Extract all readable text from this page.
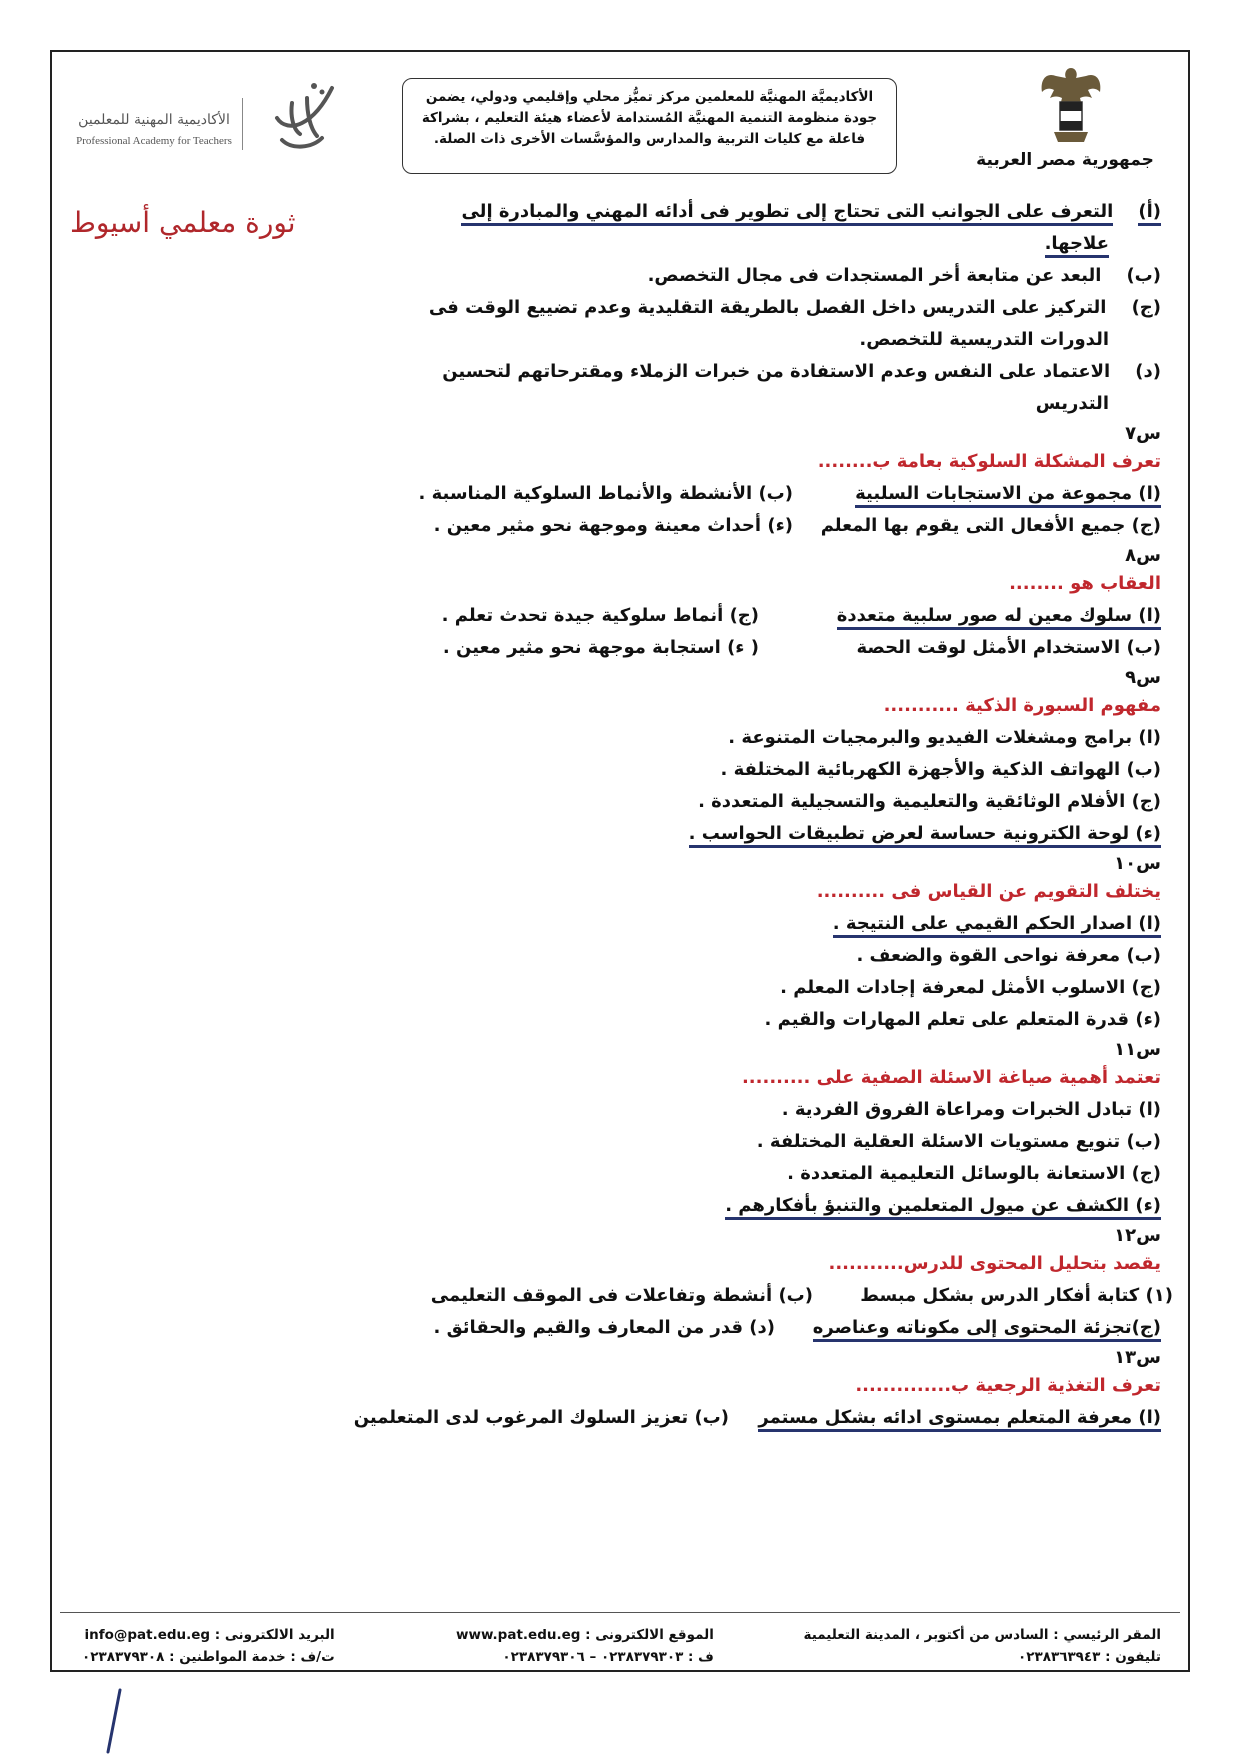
جمهورية مصر العربية
الأكاديميَّة المهنيَّة للمعلمين مركز تميُّز محلي وإقليمي ودولي، يضمن
جودة منظومة التنمية المهنيَّة المُستدامة لأعضاء هيئة التعليم ، بشراكة
فاعلة مع كليات التربية والمدارس والمؤسَّسات الأخرى ذات الصلة.
الأكاديمية المهنية للمعلمين
Professional Academy for Teachers
ثورة معلمي أسيوط	(أ)    التعرف على الجوانب التى تحتاج إلى تطوير فى أدائه المهني والمبادرة إلى
علاجها.
(ب)    البعد عن متابعة أخر المستجدات فى مجال التخصص.
(ج)    التركيز على التدريس داخل الفصل بالطريقة التقليدية وعدم تضييع الوقت فى
الدورات التدريسية للتخصص.
(د)    الاعتماد على النفس وعدم الاستفادة من خبرات الزملاء ومقترحاتهم لتحسين
التدريس
س٧
تعرف المشكلة السلوكية بعامة ب........
(ا) مجموعة من الاستجابات السلبية
(ب) الأنشطة والأنماط السلوكية المناسبة .
(ج) جميع الأفعال التى يقوم بها المعلم
(ء) أحداث معينة وموجهة نحو مثير معين .
س٨
العقاب هو ........
(ا) سلوك معين له صور سلبية متعددة
(ج) أنماط سلوكية جيدة تحدث تعلم .
(ب) الاستخدام الأمثل لوقت الحصة
( ء) استجابة موجهة نحو مثير معين .
س٩
مفهوم السبورة الذكية ...........
(ا) برامج ومشغلات الفيديو والبرمجيات المتنوعة .
(ب) الهواتف الذكية والأجهزة الكهربائية المختلفة .
(ج) الأفلام الوثائقية والتعليمية والتسجيلية المتعددة .
(ء) لوحة الكترونية حساسة لعرض تطبيقات الحواسب .
س١٠
يختلف التقويم عن القياس فى ..........
(ا) اصدار الحكم القيمي على النتيجة .
(ب) معرفة نواحى القوة والضعف .
(ج) الاسلوب الأمثل لمعرفة إجادات المعلم .
(ء) قدرة المتعلم على تعلم المهارات والقيم .
س١١
تعتمد أهمية صياغة الاسئلة الصفية على ..........
(ا) تبادل الخبرات ومراعاة الفروق الفردية .
(ب) تنويع مستويات الاسئلة العقلية المختلفة .
(ج) الاستعانة بالوسائل التعليمية المتعددة .
(ء) الكشف عن ميول المتعلمين والتنبؤ بأفكارهم .
س١٢
يقصد بتحليل المحتوى للدرس...........
(١) كتابة أفكار الدرس بشكل مبسط
(ب) أنشطة وتفاعلات فى الموقف التعليمى
(ج)تجزئة المحتوى إلى مكوناته وعناصره
(د) قدر من المعارف والقيم والحقائق .
س١٣
تعرف التغذية الرجعية ب..............
(ا) معرفة المتعلم بمستوى ادائه بشكل مستمر
(ب) تعزيز السلوك المرغوب لدى المتعلمين
المقر الرئيسي : السادس من أكتوبر ، المدينة التعليمية
تليفون : ٠٢٣٨٣٦٣٩٤٣
الموقع الالكترونى : www.pat.edu.eg
ف : ٠٢٣٨٣٧٩٣٠٣ – ٠٢٣٨٣٧٩٣٠٦
البريد الالكترونى : info@pat.edu.eg
ت/ف : خدمة المواطنين : ٠٢٣٨٣٧٩٣٠٨
